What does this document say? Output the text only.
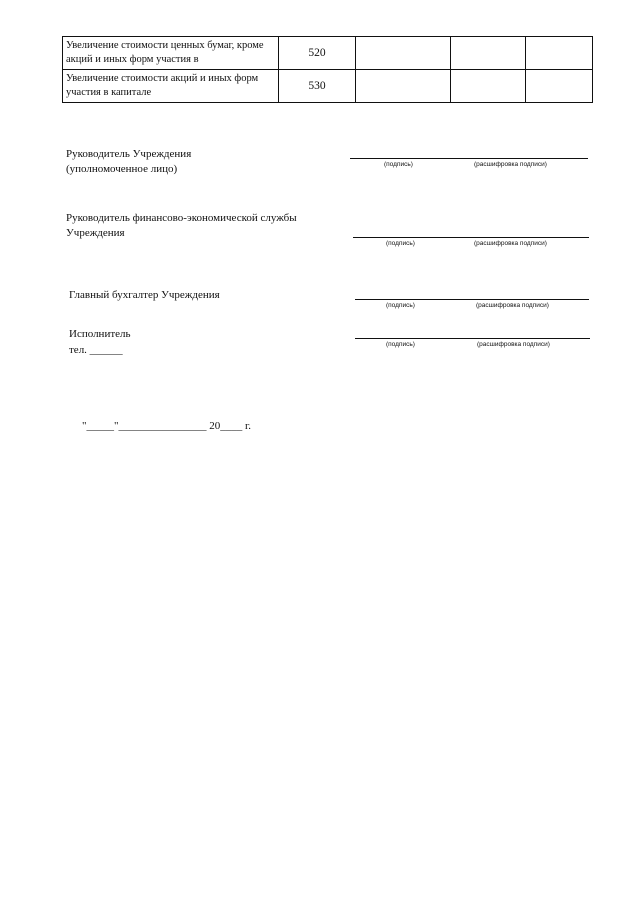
Увеличение стоимости ценных бумаг, кроме акций и иных форм участия в	520			
Увеличение стоимости акций и иных форм участия в капитале	530			
Руководитель Учреждения
(уполномоченное лицо)	(подпись)	(расшифровка подписи)
Руководитель финансово-экономической службы
Учреждения
(подпись)	(расшифровка подписи)
Главный бухгалтер Учреждения
(подпись)	(расшифровка подписи)
Исполнитель
тел. ______	(подпись)	(расшифровка подписи)
"_____"________________ 20____ г.
